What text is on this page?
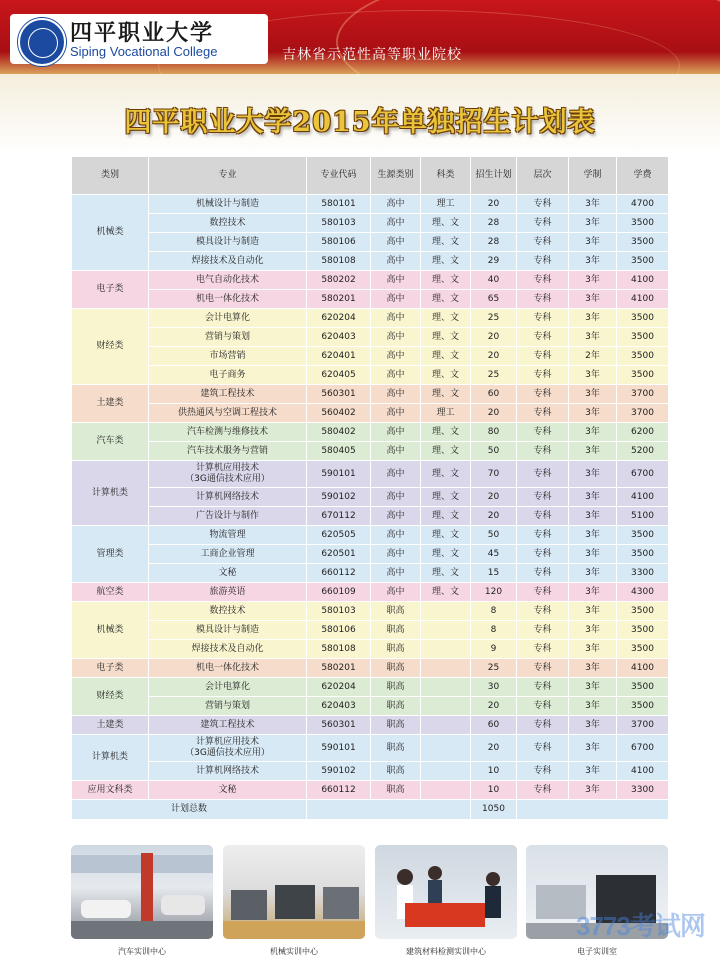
四平职业大学
Siping Vocational College	吉林省示范性高等职业院校
四平职业大学2015年单独招生计划表
类别	专业	专业代码	生源类别	科类	招生计划	层次	学制	学费
机械类	机械设计与制造	580101	高中	理工	20	专科	3年	4700
	数控技术	580103	高中	理、文	28	专科	3年	3500
	模具设计与制造	580106	高中	理、文	28	专科	3年	3500
	焊接技术及自动化	580108	高中	理、文	29	专科	3年	3500
电子类	电气自动化技术	580202	高中	理、文	40	专科	3年	4100
	机电一体化技术	580201	高中	理、文	65	专科	3年	4100
财经类	会计电算化	620204	高中	理、文	25	专科	3年	3500
	营销与策划	620403	高中	理、文	20	专科	3年	3500
	市场营销	620401	高中	理、文	20	专科	2年	3500
	电子商务	620405	高中	理、文	25	专科	3年	3500
土建类	建筑工程技术	560301	高中	理、文	60	专科	3年	3700
	供热通风与空调工程技术	560402	高中	理工	20	专科	3年	3700
汽车类	汽车检测与维修技术	580402	高中	理、文	80	专科	3年	6200
	汽车技术服务与营销	580405	高中	理、文	50	专科	3年	5200
计算机类	计算机应用技术
（3G通信技术应用）	590101	高中	理、文	70	专科	3年	6700
	计算机网络技术	590102	高中	理、文	20	专科	3年	4100
	广告设计与制作	670112	高中	理、文	20	专科	3年	5100
管理类	物流管理	620505	高中	理、文	50	专科	3年	3500
	工商企业管理	620501	高中	理、文	45	专科	3年	3500
	文秘	660112	高中	理、文	15	专科	3年	3300
航空类	旅游英语	660109	高中	理、文	120	专科	3年	4300
机械类	数控技术	580103	职高		8	专科	3年	3500
	模具设计与制造	580106	职高		8	专科	3年	3500
	焊接技术及自动化	580108	职高		9	专科	3年	3500
电子类	机电一体化技术	580201	职高		25	专科	3年	4100
财经类	会计电算化	620204	职高		30	专科	3年	3500
	营销与策划	620403	职高		20	专科	3年	3500
土建类	建筑工程技术	560301	职高		60	专科	3年	3700
计算机类	计算机应用技术
（3G通信技术应用）	590101	职高		20	专科	3年	6700
	计算机网络技术	590102	职高		10	专科	3年	4100
应用文科类	文秘	660112	职高		10	专科	3年	3300
计划总数					1050			
汽车实训中心	机械实训中心	建筑材料检测实训中心	电子实训室
3773考试网
